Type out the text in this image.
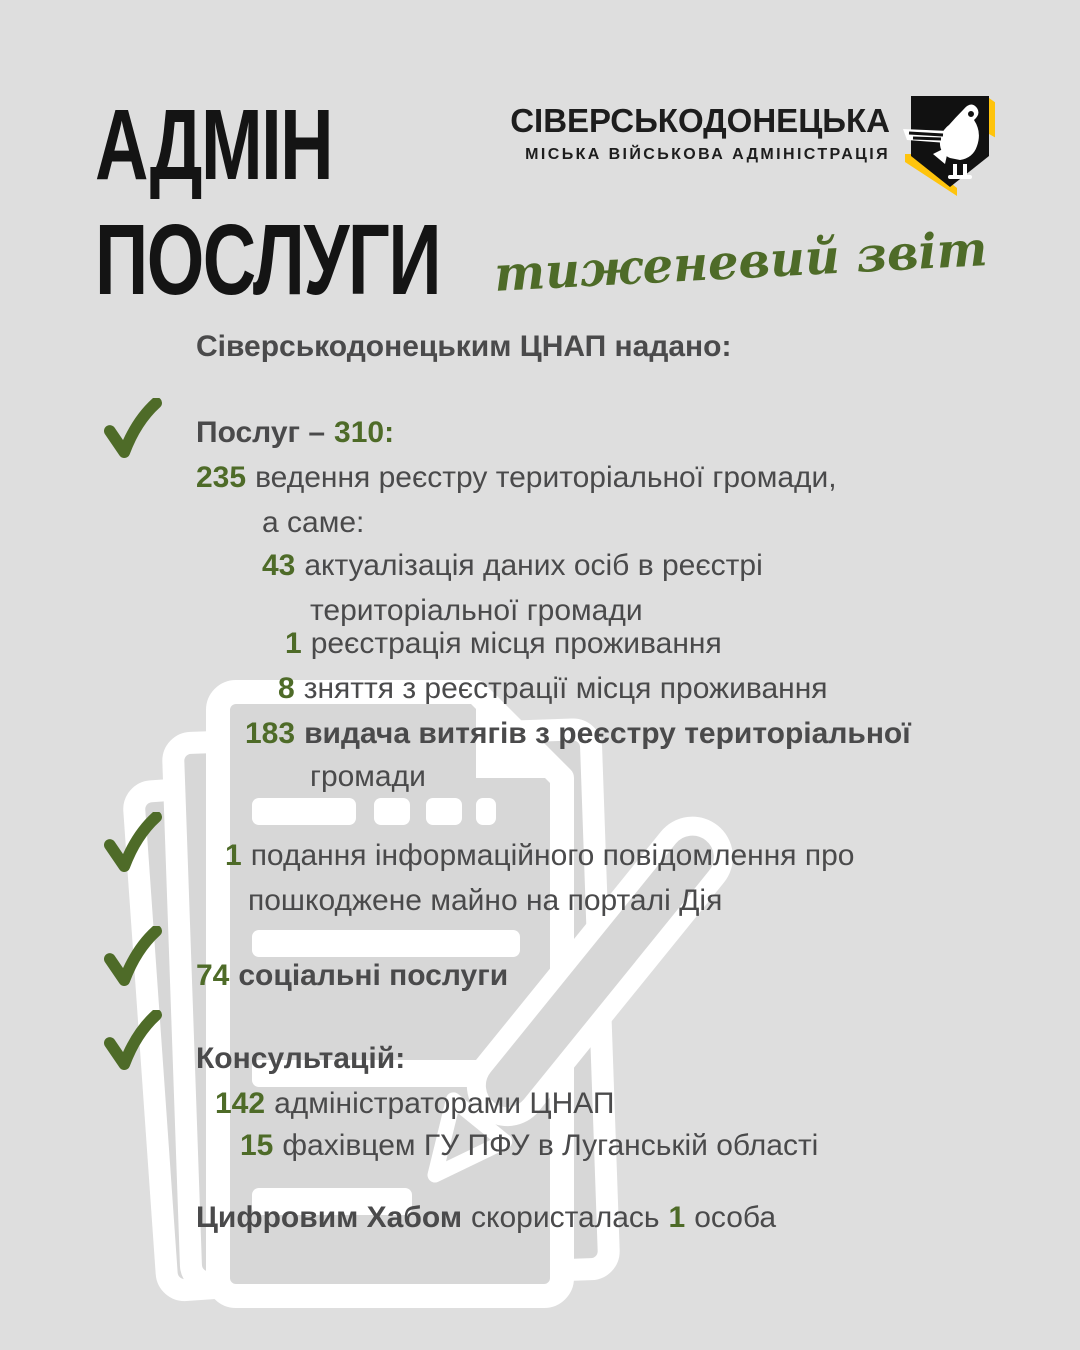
АДМІН
ПОСЛУГИ
СІВЕРСЬКОДОНЕЦЬКА
МІСЬКА ВІЙСЬКОВА АДМІНІСТРАЦІЯ
тиженевий звіт
Сіверськодонецьким ЦНАП надано:
Послуг – 310:
235 ведення реєстру територіальної громади,
а саме:
43 актуалізація даних осіб в реєстрі
територіальної громади
1 реєстрація місця проживання
8 зняття з реєстрації місця проживання
183 видача витягів з реєстру територіальної
громади
1 подання інформаційного повідомлення про
пошкоджене майно на порталі Дія
74 соціальні послуги
Консультацій:
142 адміністраторами ЦНАП
15 фахівцем ГУ ПФУ в Луганській області
Цифровим Хабом скористалась 1 особа
